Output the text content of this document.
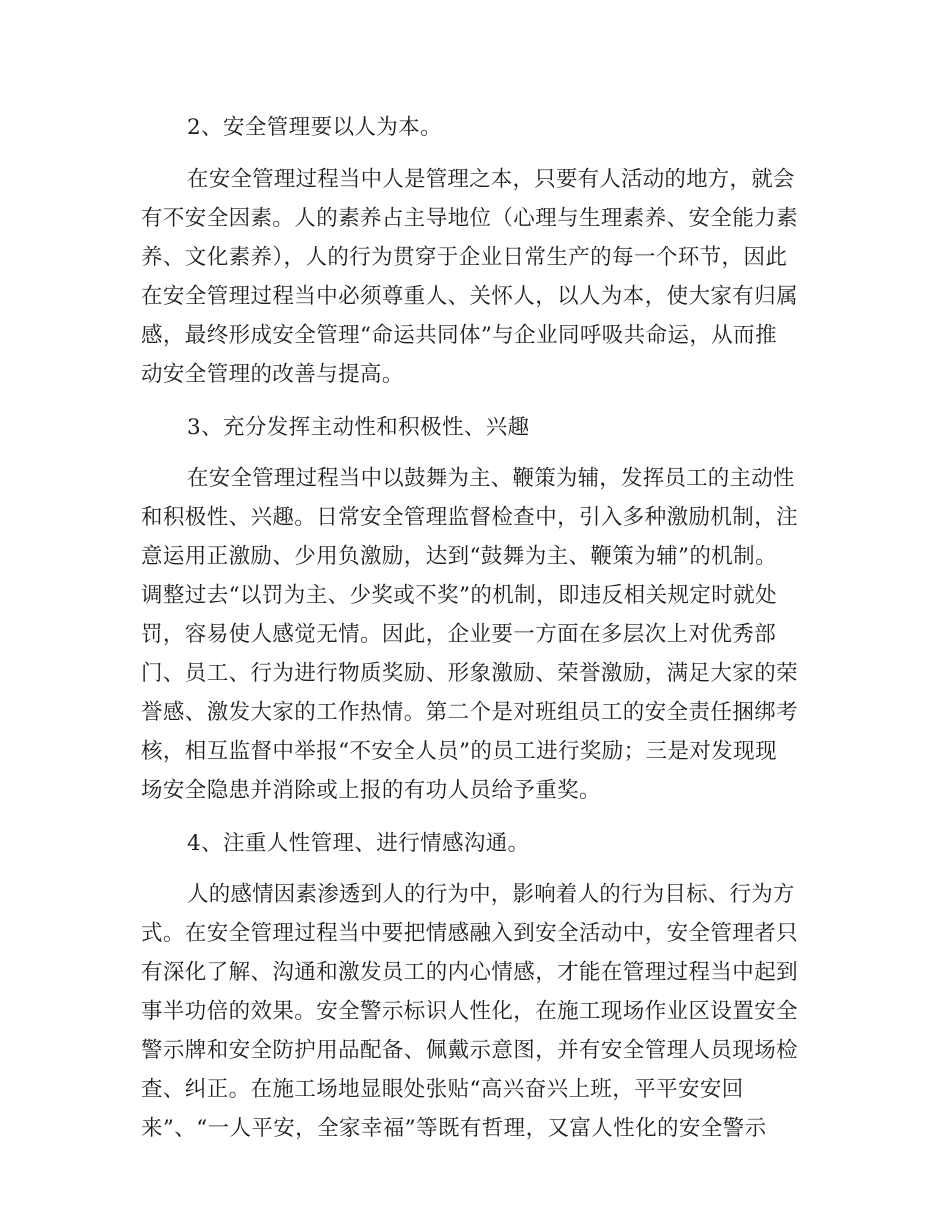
2、安全管理要以人为本。

在安全管理过程当中人是管理之本，只要有人活动的地方，就会

有不安全因素。人的素养占主导地位（心理与生理素养、安全能力素

养、文化素养），人的行为贯穿于企业日常生产的每一个环节，因此

在安全管理过程当中必须尊重人、关怀人，以人为本，使大家有归属

感，最终形成安全管理“命运共同体”与企业同呼吸共命运，从而推

动安全管理的改善与提高。

3、充分发挥主动性和积极性、兴趣

在安全管理过程当中以鼓舞为主、鞭策为辅，发挥员工的主动性

和积极性、兴趣。日常安全管理监督检查中，引入多种激励机制，注

意运用正激励、少用负激励，达到“鼓舞为主、鞭策为辅”的机制。

调整过去“以罚为主、少奖或不奖”的机制，即违反相关规定时就处

罚，容易使人感觉无情。因此，企业要一方面在多层次上对优秀部

门、员工、行为进行物质奖励、形象激励、荣誉激励，满足大家的荣

誉感、激发大家的工作热情。第二个是对班组员工的安全责任捆绑考

核，相互监督中举报“不安全人员”的员工进行奖励；三是对发现现

场安全隐患并消除或上报的有功人员给予重奖。

4、注重人性管理、进行情感沟通。

人的感情因素渗透到人的行为中，影响着人的行为目标、行为方

式。在安全管理过程当中要把情感融入到安全活动中，安全管理者只

有深化了解、沟通和激发员工的内心情感，才能在管理过程当中起到

事半功倍的效果。安全警示标识人性化，在施工现场作业区设置安全

警示牌和安全防护用品配备、佩戴示意图，并有安全管理人员现场检

查、纠正。在施工场地显眼处张贴“高兴奋兴上班，平平安安回

来”、“一人平安，全家幸福”等既有哲理，又富人性化的安全警示
